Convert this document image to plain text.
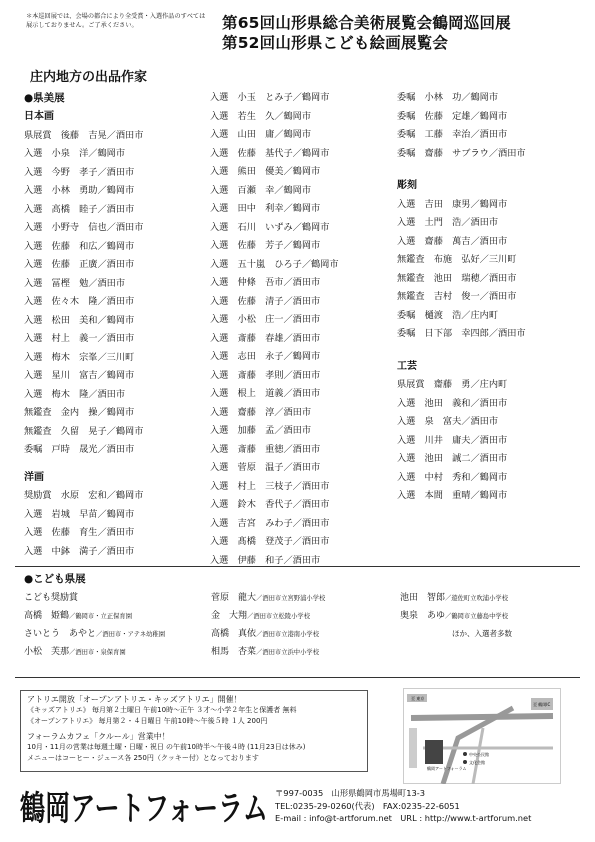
＊本巡回展では、会場の都合により全受賞・入選作品のすべては展示しておりません。ご了承ください。	第65回山形県総合美術展覧会鶴岡巡回展
第52回山形県こども絵画展覧会
庄内地方の出品作家
●県美展
日本画
県展賞　後藤　吉晃／酒田市
入選　小泉　洋／鶴岡市
入選　今野　孝子／酒田市
入選　小林　勇助／鶴岡市
入選　高橋　睦子／酒田市
入選　小野寺　信也／酒田市
入選　佐藤　和広／鶴岡市
入選　佐藤　正廣／酒田市
入選　冨樫　勉／酒田市
入選　佐々木　隆／酒田市
入選　松田　美和／鶴岡市
入選　村上　義一／酒田市
入選　梅木　宗峯／三川町
入選　星川　富吉／鶴岡市
入選　梅木　隆／酒田市
無鑑査　金内　操／鶴岡市
無鑑査　久留　晃子／鶴岡市
委嘱　戸時　晟光／酒田市
洋画
奨励賞　水原　宏和／鶴岡市
入選　岩城　早苗／鶴岡市
入選　佐藤　育生／酒田市
入選　中鉢　満子／酒田市
入選　小玉　とみ子／鶴岡市
入選　若生　久／鶴岡市
入選　山田　庸／鶴岡市
入選　佐藤　基代子／鶴岡市
入選　熊田　優美／鶴岡市
入選　百瀬　幸／鶴岡市
入選　田中　利幸／鶴岡市
入選　石川　いずみ／鶴岡市
入選　佐藤　芳子／鶴岡市
入選　五十嵐　ひろ子／鶴岡市
入選　仲條　吾市／酒田市
入選　佐藤　清子／酒田市
入選　小松　庄一／酒田市
入選　斎藤　春雄／酒田市
入選　志田　永子／鶴岡市
入選　斎藤　孝則／酒田市
入選　根上　道義／酒田市
入選　齋藤　淳／酒田市
入選　加藤　孟／酒田市
入選　斎藤　重徳／酒田市
入選　菅原　温子／酒田市
入選　村上　三枝子／酒田市
入選　鈴木　香代子／酒田市
入選　吉宮　みわ子／酒田市
入選　髙橋　登茂子／酒田市
入選　伊藤　和子／酒田市
委嘱　小林　功／鶴岡市
委嘱　佐藤　定雄／鶴岡市
委嘱　工藤　幸治／酒田市
委嘱　齋藤　サブラウ／酒田市
彫刻
入選　吉田　康男／鶴岡市
入選　土門　浩／酒田市
入選　齋藤　萬吉／酒田市
無鑑査　布施　弘好／三川町
無鑑査　池田　瑞穂／酒田市
無鑑査　吉村　俊一／酒田市
委嘱　樋渡　浩／庄内町
委嘱　日下部　幸四郎／酒田市
工芸
県展賞　齋藤　勇／庄内町
入選　池田　義和／酒田市
入選　泉　富夫／酒田市
入選　川井　庸夫／酒田市
入選　池田　誠二／酒田市
入選　中村　秀和／鶴岡市
入選　本間　重晴／鶴岡市
●こども県展
こども奨励賞
高橋　姫鶴／鶴岡市・立正保育園
さいとう　あやと／酒田市・アテネ幼稚園
小松　芙那／酒田市・泉保育園
菅原　龍大／酒田市立宮野浦小学校
金　大翔／酒田市立松陵小学校
高橋　真依／酒田市立港南小学校
相馬　杏菜／酒田市立浜中小学校
池田　智郎／遊佐町立吹浦小学校
奥泉　あゆ／鶴岡市立藤島中学校
ほか、入選者多数
アトリエ開放「オープンアトリエ・キッズアトリエ」開催！
《キッズアトリエ》 毎月第２土曜日 午前10時〜正午 ３才〜小学２年生と保護者 無料
《オープンアトリエ》 毎月第２・４日曜日 午前10時〜午後５時 １人 200円
フォーラムカフェ「クルール」営業中！
10月・11月の営業は毎週土曜・日曜・祝日 の午前10時半〜午後４時 (11月23日は休み)
メニューはコーヒー・ジュース各 250円（クッキー付）となっております
至 東京
至 鶴岡IC
鶴岡アートフォーラム
中央公民館
文化会館
鶴岡アートフォーラム 〒997-0035　山形県鶴岡市馬場町13-3
TEL:0235-29-0260(代表)　FAX:0235-22-6051
E-mail : info@t-artforum.net　URL : http://www.t-artforum.net
